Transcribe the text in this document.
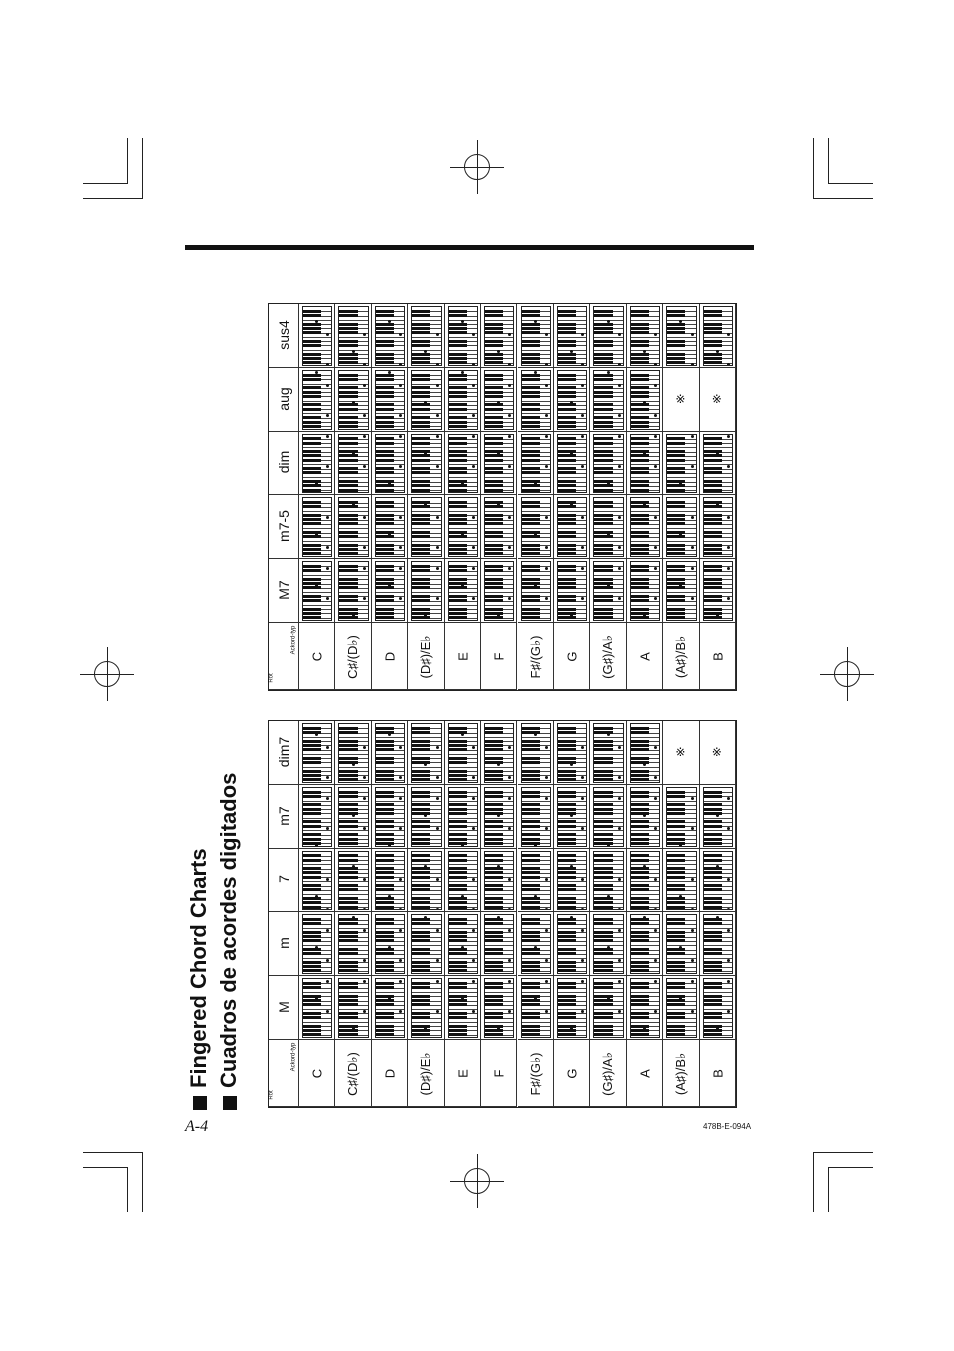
Fingered Chord Charts Cuadros de acordes digitados
M7
m7-5
dim
aug
sus4
Ackord-typ
Rot
C C♯/(D♭) D (D♯)/E♭ E F F♯/(G♭) G (G♯)/A♭ A (A♯)/B♭
※
B
※
M
m
7
m7
dim7
Ackord-typ
Rot
C C♯/(D♭) D (D♯)/E♭ E F F♯/(G♭) G (G♯)/A♭ A (A♯)/B♭
※
B
※
A-4	478B-E-094A
